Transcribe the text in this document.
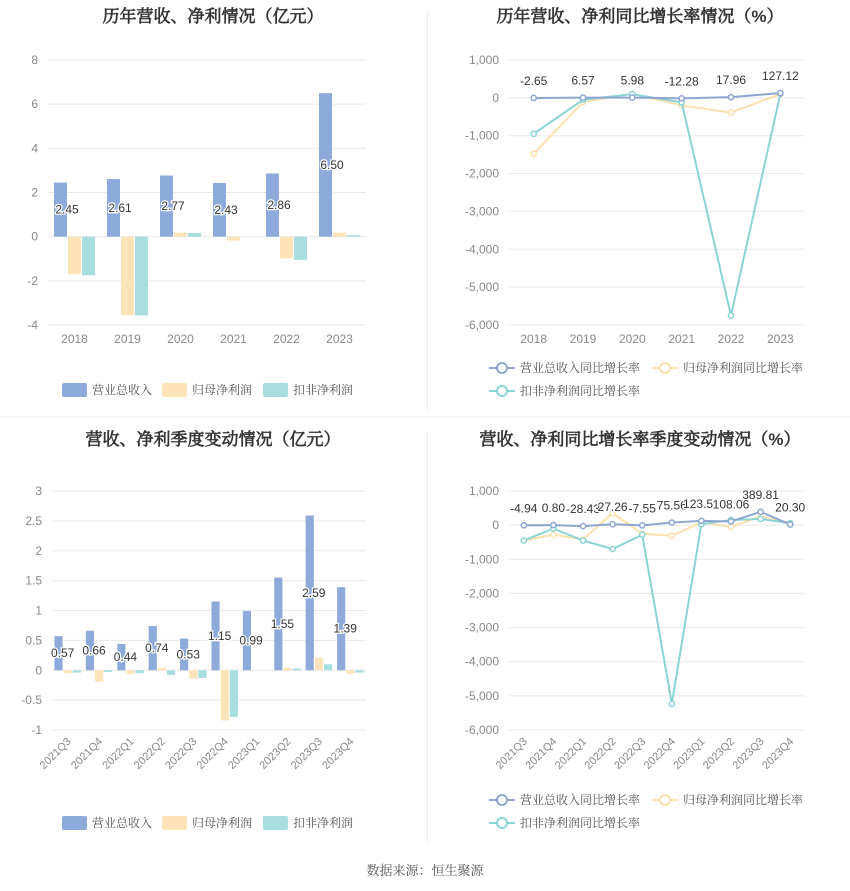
数据来源：恒生聚源
历年营收、净利情况（亿元）
-4
-2
0
2
4
6
8
2.45
2018
2.61
2019
2.77
2020
2.43
2021
2.86
2022
6.50
2023
营业总收入	归母净利润	扣非净利润
历年营收、净利同比增长率情况（%）
-6,000
-5,000
-4,000
-3,000
-2,000
-1,000
0
1,000
2018 2019 2020 2021 2022 2023
-2.65 6.57 5.98 -12.28 17.96 127.12
营业总收入同比增长率	归母净利润同比增长率
扣非净利润同比增长率
营收、净利季度变动情况（亿元）
-1
-0.5
0
0.5
1
1.5
2
2.5
3
0.57
2021Q3
0.66
2021Q4
0.44
2022Q1
0.74
2022Q2
0.53
2022Q3
1.15
2022Q4
0.99
2023Q1
1.55
2023Q2
2.59
2023Q3
1.39
2023Q4
营业总收入	归母净利润	扣非净利润
营收、净利同比增长率季度变动情况（%）
-6,000
-5,000
-4,000
-3,000
-2,000
-1,000
0
1,000
2021Q3
2021Q4
2022Q1
2022Q2
2022Q3
2022Q4
2023Q1
2023Q2
2023Q3
2023Q4
-4.94 0.80 -28.43
27.26 -7.55 75.56
123.51
108.06
389.81
20.30
营业总收入同比增长率	归母净利润同比增长率
扣非净利润同比增长率
